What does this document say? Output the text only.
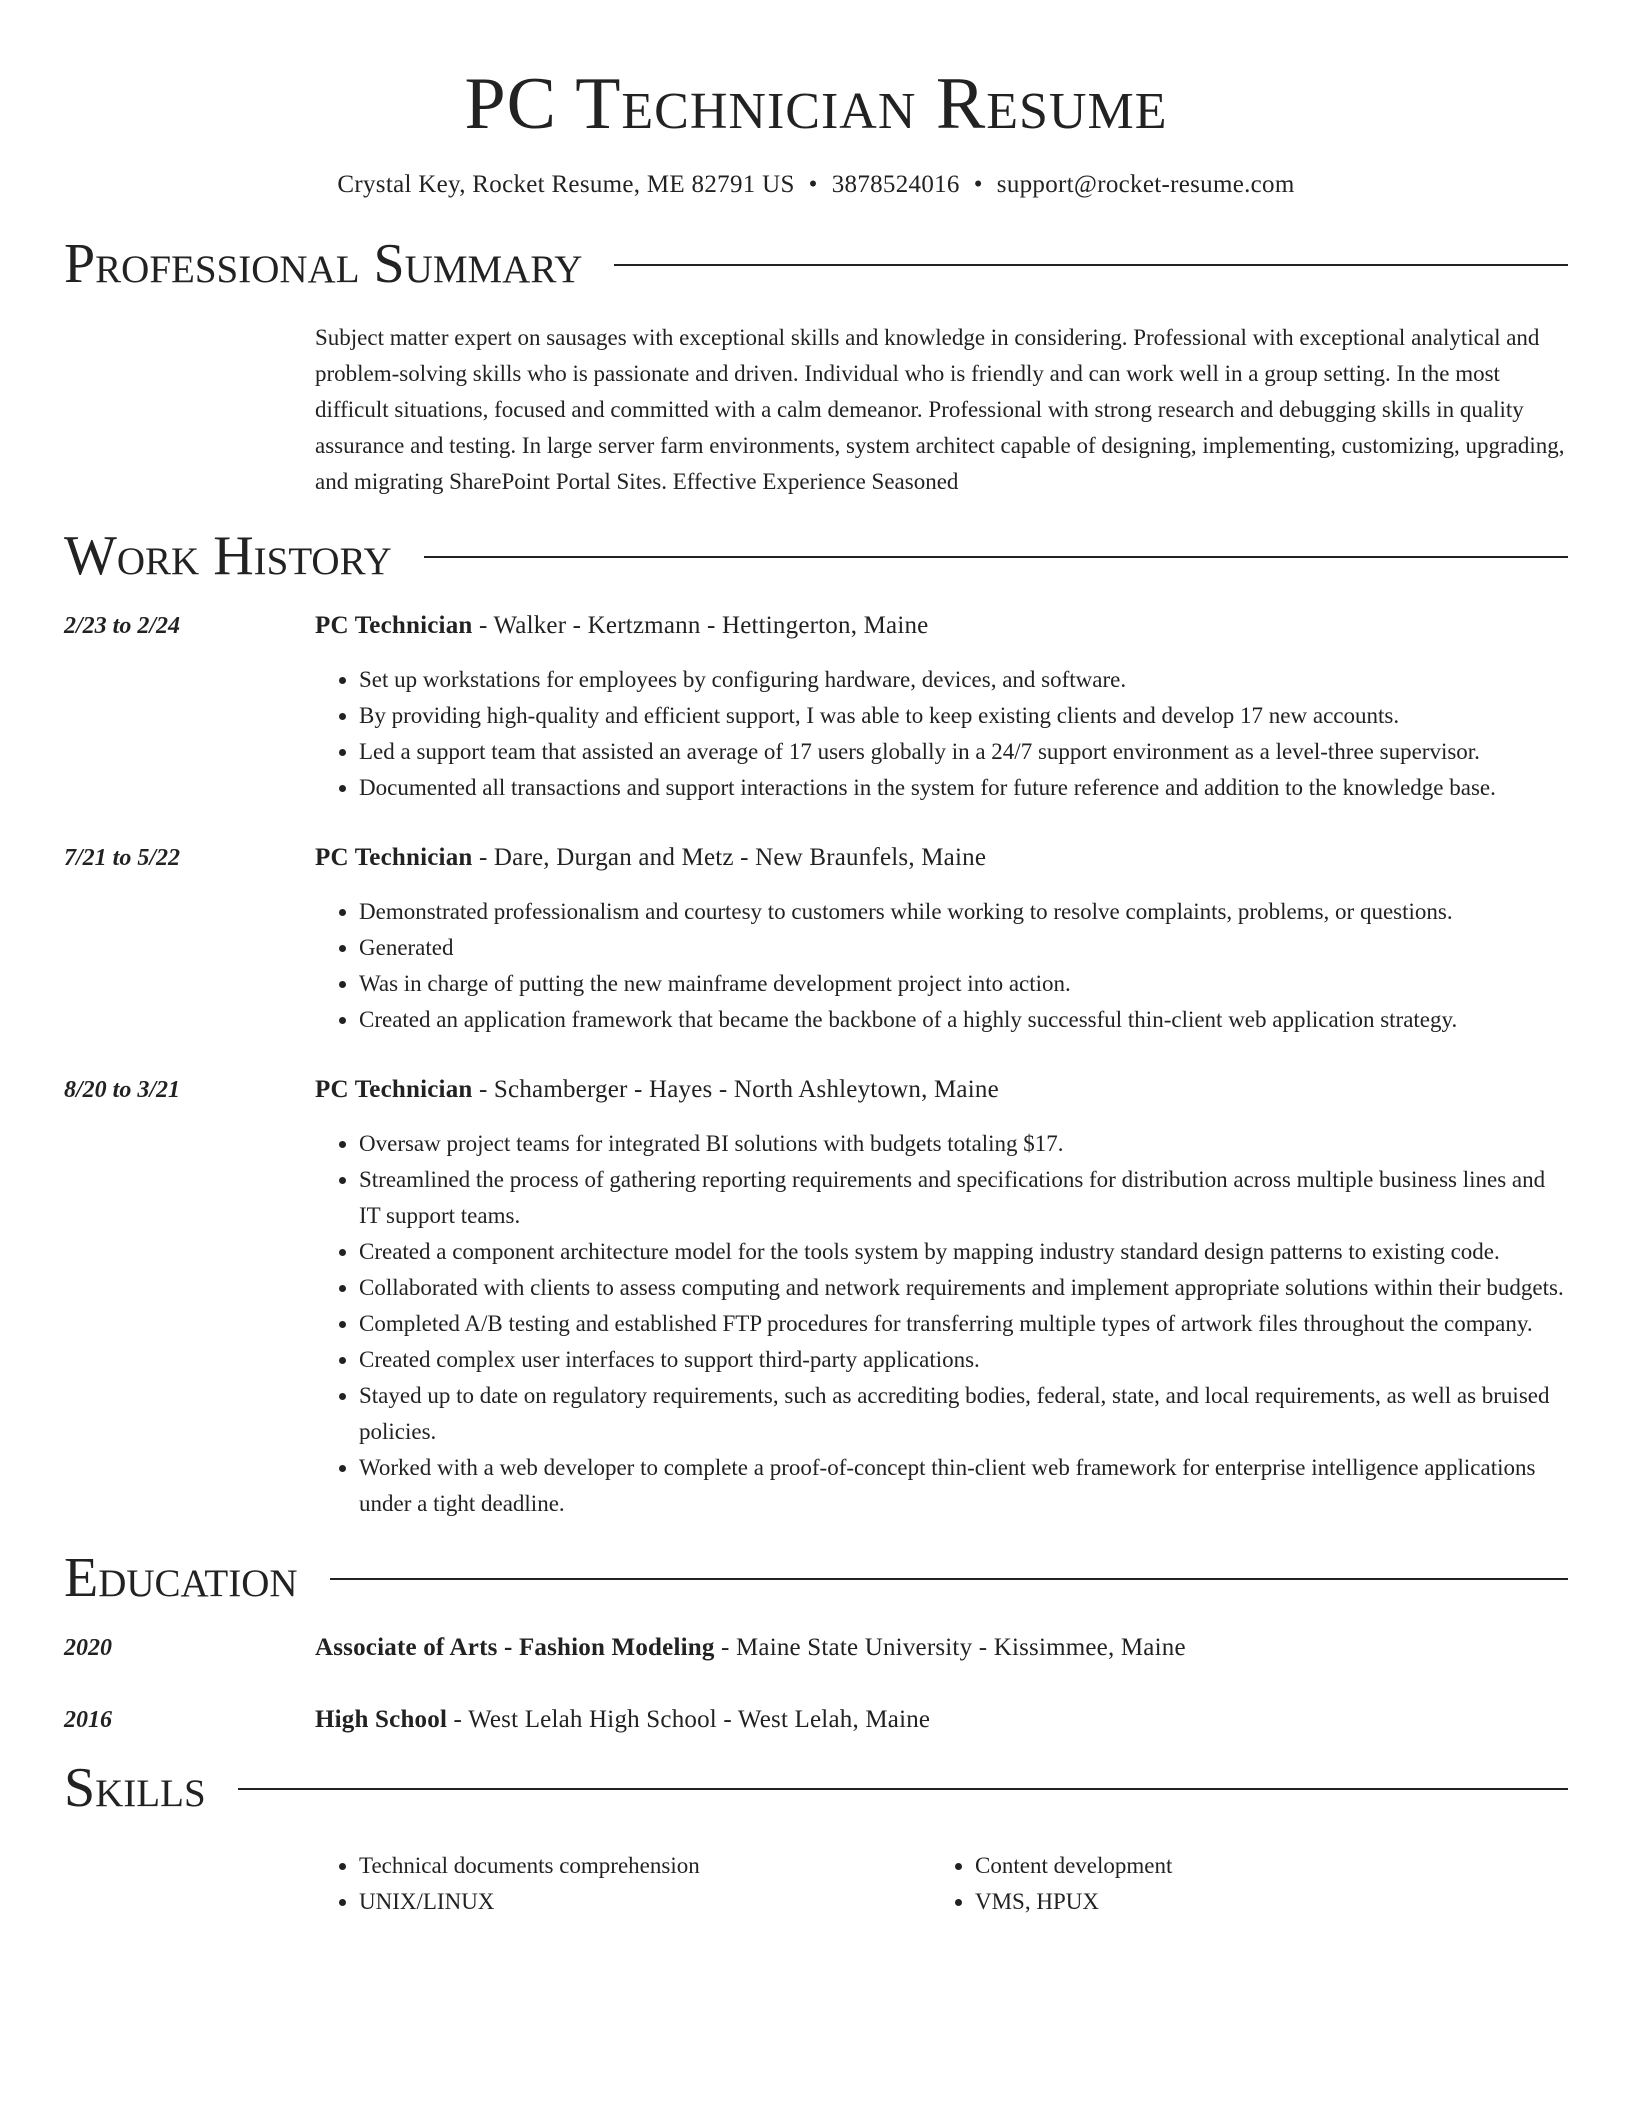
PC Technician Resume
Crystal Key, Rocket Resume, ME 82791 US • 3878524016 • support@rocket-resume.com
Professional Summary
Subject matter expert on sausages with exceptional skills and knowledge in considering. Professional with exceptional analytical and problem-solving skills who is passionate and driven. Individual who is friendly and can work well in a group setting. In the most difficult situations, focused and committed with a calm demeanor. Professional with strong research and debugging skills in quality assurance and testing. In large server farm environments, system architect capable of designing, implementing, customizing, upgrading, and migrating SharePoint Portal Sites. Effective Experience Seasoned
Work History
2/23 to 2/24	PC Technician - Walker - Kertzmann - Hettingerton, Maine
• Set up workstations for employees by configuring hardware, devices, and software.
• By providing high-quality and efficient support, I was able to keep existing clients and develop 17 new accounts.
• Led a support team that assisted an average of 17 users globally in a 24/7 support environment as a level-three supervisor.
• Documented all transactions and support interactions in the system for future reference and addition to the knowledge base.
7/21 to 5/22	PC Technician - Dare, Durgan and Metz - New Braunfels, Maine
• Demonstrated professionalism and courtesy to customers while working to resolve complaints, problems, or questions.
• Generated
• Was in charge of putting the new mainframe development project into action.
• Created an application framework that became the backbone of a highly successful thin-client web application strategy.
8/20 to 3/21	PC Technician - Schamberger - Hayes - North Ashleytown, Maine
• Oversaw project teams for integrated BI solutions with budgets totaling $17.
• Streamlined the process of gathering reporting requirements and specifications for distribution across multiple business lines and IT support teams.
• Created a component architecture model for the tools system by mapping industry standard design patterns to existing code.
• Collaborated with clients to assess computing and network requirements and implement appropriate solutions within their budgets.
• Completed A/B testing and established FTP procedures for transferring multiple types of artwork files throughout the company.
• Created complex user interfaces to support third-party applications.
• Stayed up to date on regulatory requirements, such as accrediting bodies, federal, state, and local requirements, as well as bruised policies.
• Worked with a web developer to complete a proof-of-concept thin-client web framework for enterprise intelligence applications under a tight deadline.
Education
2020	Associate of Arts - Fashion Modeling - Maine State University - Kissimmee, Maine
2016	High School - West Lelah High School - West Lelah, Maine
Skills
• Technical documents comprehension
• UNIX/LINUX
• Content development
• VMS, HPUX
